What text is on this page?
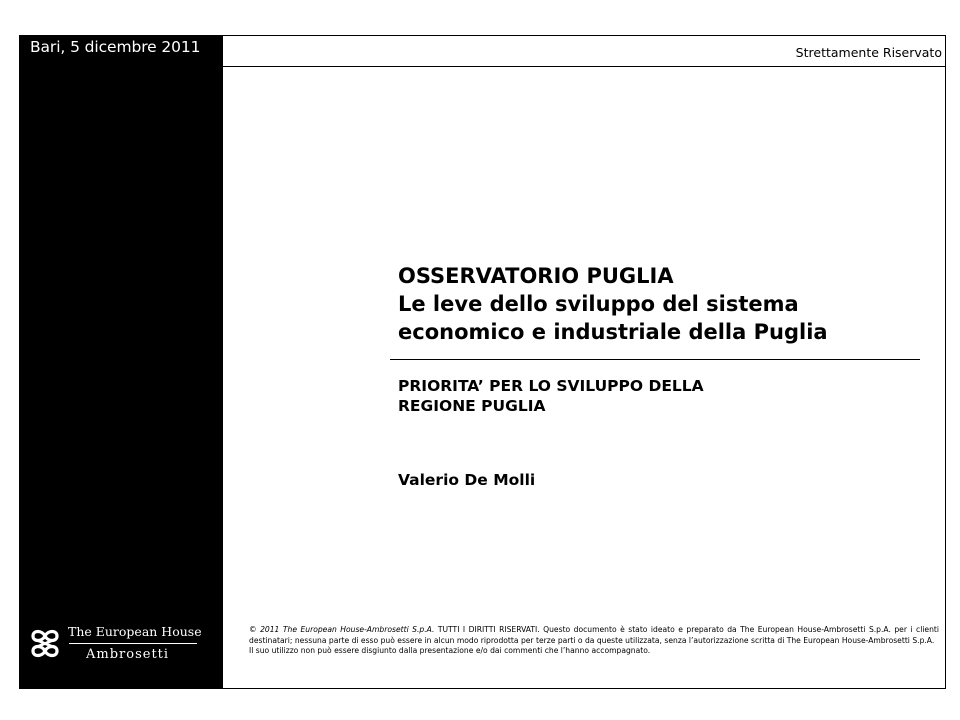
Bari, 5 dicembre 2011	Strettamente Riservato

OSSERVATORIO PUGLIA

Le leve dello sviluppo del sistema

economico e industriale della Puglia

PRIORITA’ PER LO SVILUPPO DELLA
REGIONE PUGLIA
Valerio De Molli
The European House
Ambrosetti

© 2011 The European House-Ambrosetti S.p.A. TUTTI I DIRITTI RISERVATI. Questo documento è stato ideato e preparato da The European House-Ambrosetti S.p.A. per i clienti destinatari; nessuna parte di esso può essere in alcun modo riprodotta per terze parti o da queste utilizzata, senza l’autorizzazione scritta di The European House-Ambrosetti S.p.A.

Il suo utilizzo non può essere disgiunto dalla presentazione e/o dai commenti che l’hanno accompagnato.
